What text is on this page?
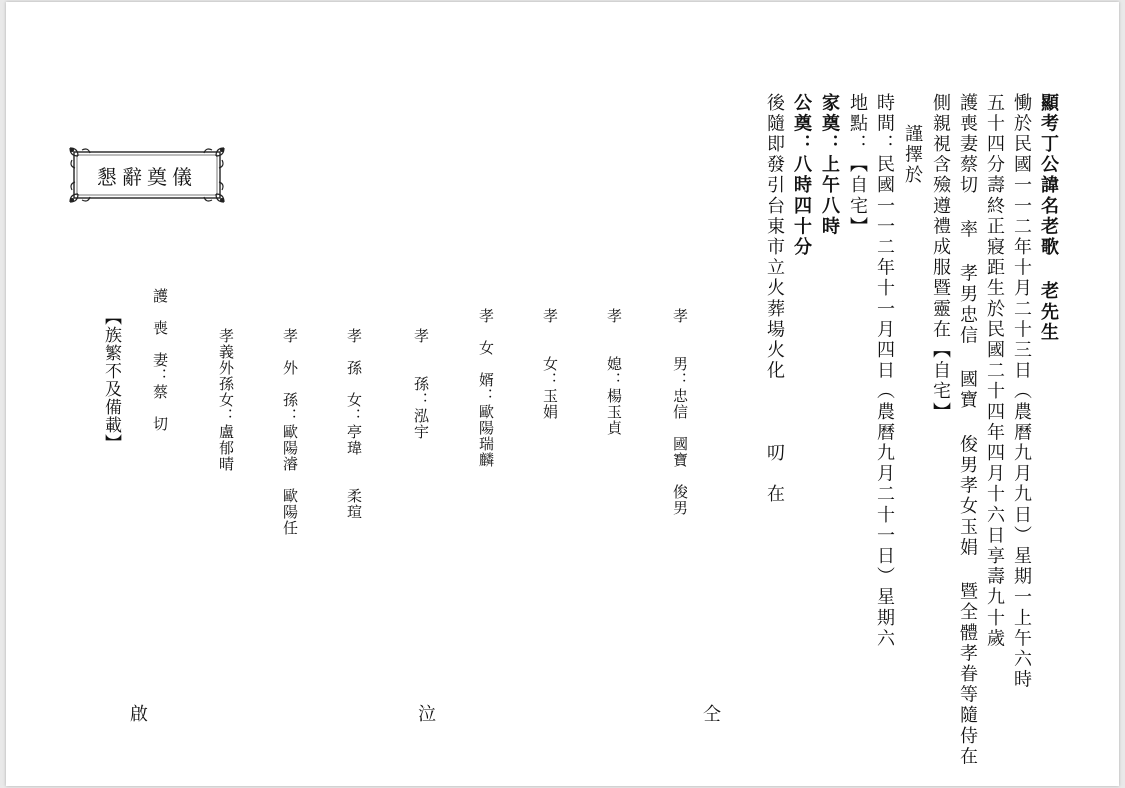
懇辭奠儀	顯考丁公諱名老歌 老先生
慟於民國一一二年十月二十三日（農曆九月九日）星期一上午六時
五十四分壽終正寢距生於民國二十四年四月十六日享壽九十歲
護喪妻蔡切 率 孝男忠信 國寶 俊男孝女玉娟 暨全體孝眷等隨侍在
側親視含殮遵禮成服暨靈在【自宅】
謹擇於
時間：民國一一二年十一月四日（農曆九月二十一日）星期六
地點：【自宅】
家奠：上午八時
公奠：八時四十分
後隨即發引台東市立火葬場火化　　　叨　在
孝　　男：忠信　國寶　俊男
孝　　媳：楊玉貞
孝　　女：玉娟
孝　女　婿：歐陽瑞麟
孝　　孫：泓宇
孝　孫　女：亭瑋　　柔瑄
孝　外　孫：歐陽濬　歐陽任
孝義外孫女：盧郁晴
護　喪　妻：蔡　切
【族繁不及備載】
啟	泣	仝
